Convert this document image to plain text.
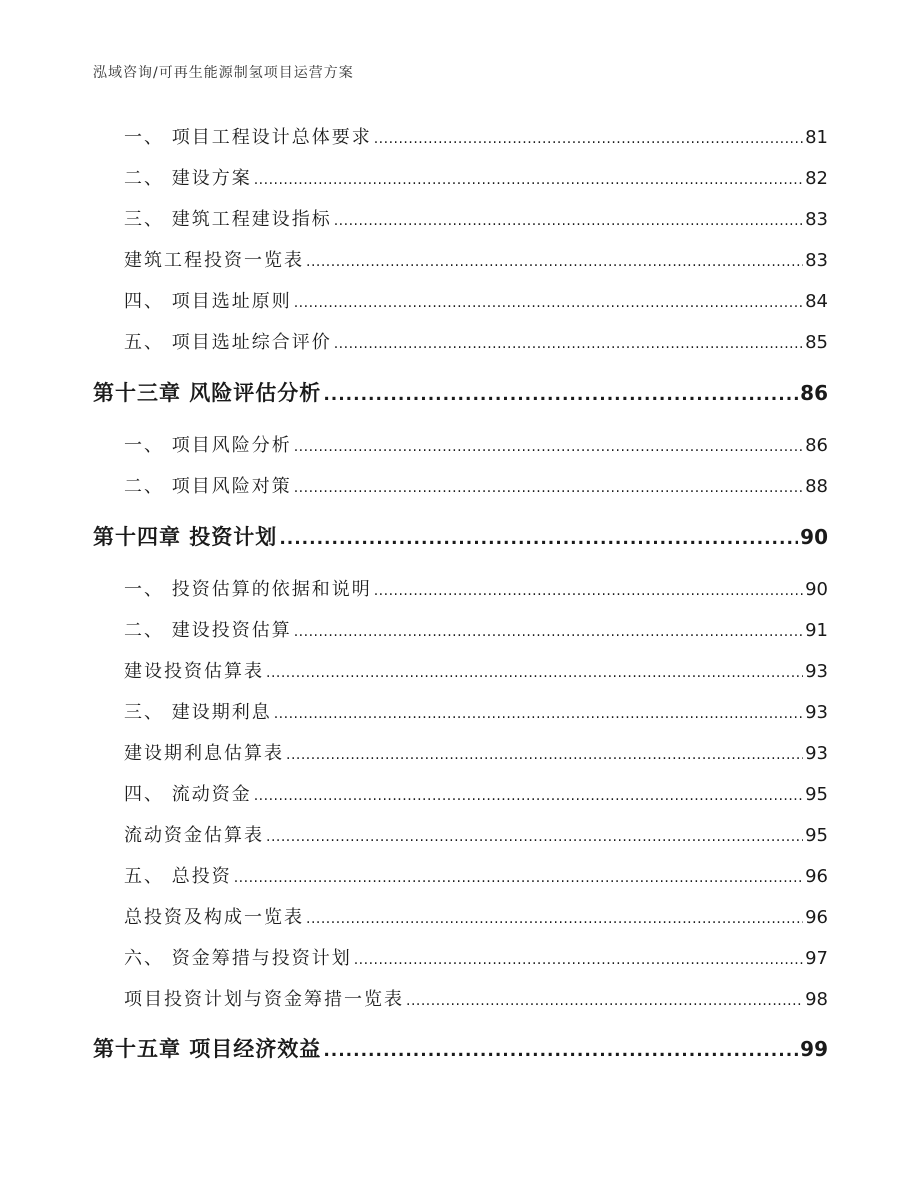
泓域咨询/可再生能源制氢项目运营方案
一、 项目工程设计总体要求 .....	81
二、 建设方案 .....	82
三、 建筑工程建设指标 .....	83
建筑工程投资一览表 .....	83
四、 项目选址原则 .....	84
五、 项目选址综合评价 .....	85
第十三章 风险评估分析 .....	86
一、 项目风险分析 .....	86
二、 项目风险对策 .....	88
第十四章 投资计划 .....	90
一、 投资估算的依据和说明 .....	90
二、 建设投资估算 .....	91
建设投资估算表 .....	93
三、 建设期利息 .....	93
建设期利息估算表 .....	93
四、 流动资金 .....	95
流动资金估算表 .....	95
五、 总投资 .....	96
总投资及构成一览表 .....	96
六、 资金筹措与投资计划 .....	97
项目投资计划与资金筹措一览表 .....	98
第十五章 项目经济效益 .....	99
